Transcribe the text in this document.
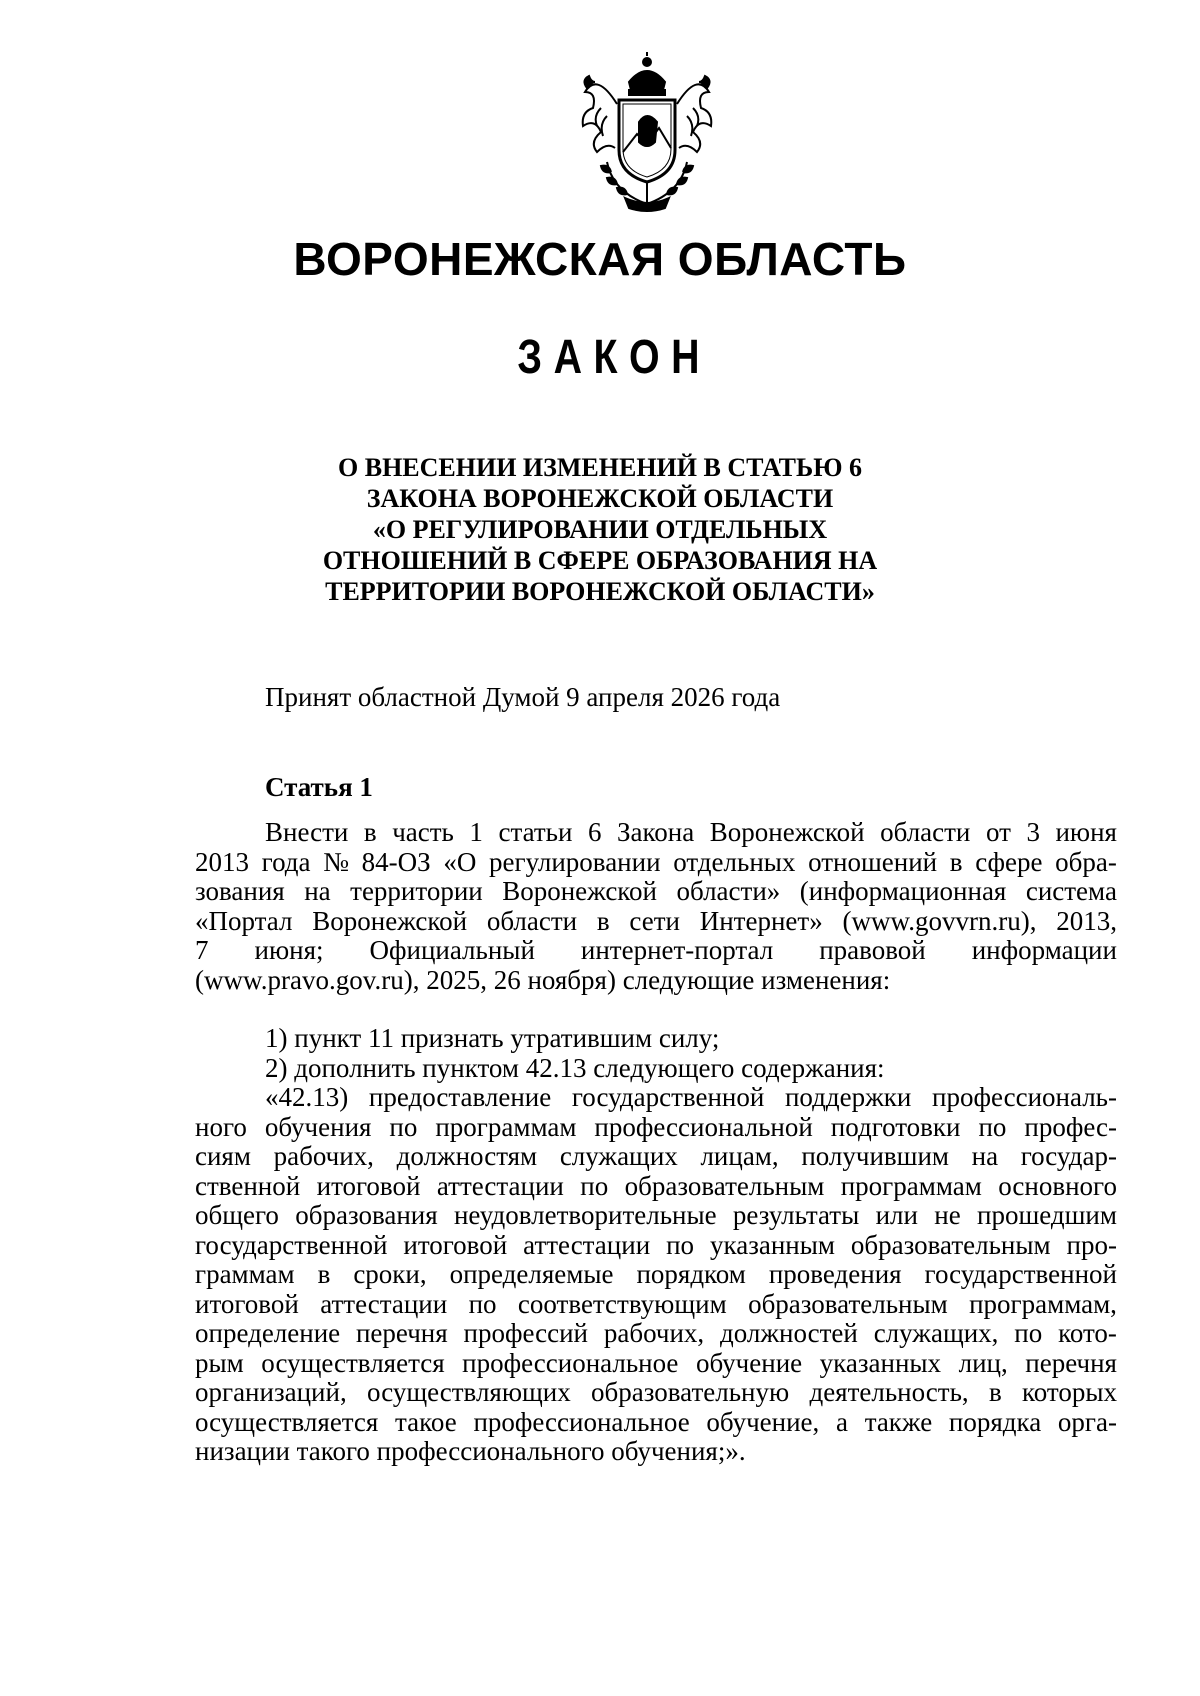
ВОРОНЕЖСКАЯ ОБЛАСТЬ
ЗАКОН
О ВНЕСЕНИИ ИЗМЕНЕНИЙ В СТАТЬЮ 6
ЗАКОНА ВОРОНЕЖСКОЙ ОБЛАСТИ
«О РЕГУЛИРОВАНИИ ОТДЕЛЬНЫХ
ОТНОШЕНИЙ В СФЕРЕ ОБРАЗОВАНИЯ НА
ТЕРРИТОРИИ ВОРОНЕЖСКОЙ ОБЛАСТИ»
Принят областной Думой 9 апреля 2026 года
Статья 1
Внести в часть 1 статьи 6 Закона Воронежской области от 3 июня
2013 года № 84-ОЗ «О регулировании отдельных отношений в сфере обра-
зования на территории Воронежской области» (информационная система
«Портал Воронежской области в сети Интернет» (www.govvrn.ru), 2013,
7 июня; Официальный интернет-портал правовой информации
(www.pravo.gov.ru), 2025, 26 ноября) следующие изменения:
1) пункт 11 признать утратившим силу;
2) дополнить пунктом 42.13 следующего содержания:
«42.13) предоставление государственной поддержки профессиональ-
ного обучения по программам профессиональной подготовки по профес-
сиям рабочих, должностям служащих лицам, получившим на государ-
ственной итоговой аттестации по образовательным программам основного
общего образования неудовлетворительные результаты или не прошедшим
государственной итоговой аттестации по указанным образовательным про-
граммам в сроки, определяемые порядком проведения государственной
итоговой аттестации по соответствующим образовательным программам,
определение перечня профессий рабочих, должностей служащих, по кото-
рым осуществляется профессиональное обучение указанных лиц, перечня
организаций, осуществляющих образовательную деятельность, в которых
осуществляется такое профессиональное обучение, а также порядка орга-
низации такого профессионального обучения;».
